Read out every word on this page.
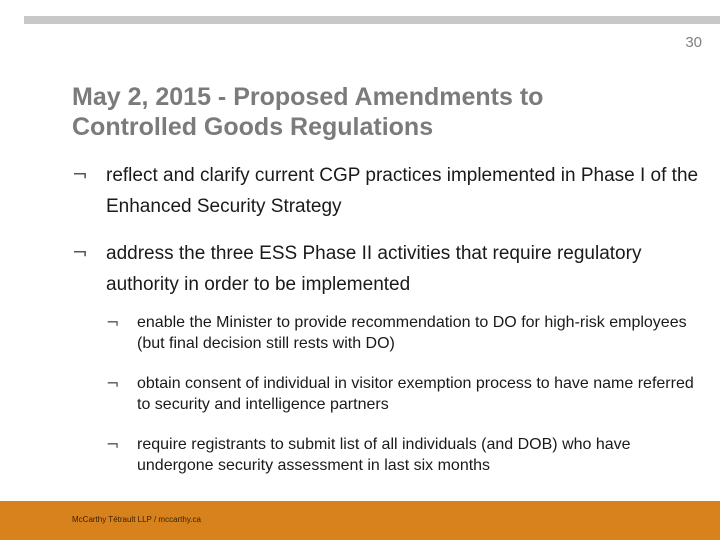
30
May 2, 2015 - Proposed Amendments to Controlled Goods Regulations
¬ reflect and clarify current CGP practices implemented in Phase I of the Enhanced Security Strategy
¬ address the three ESS Phase II activities that require regulatory authority in order to be implemented
¬ enable the Minister to provide recommendation to DO for high-risk employees (but final decision still rests with DO)
¬ obtain consent of individual in visitor exemption process to have name referred to security and intelligence partners
¬ require registrants to submit list of all individuals (and DOB) who have undergone security assessment in last six months
McCarthy Tétrault LLP / mccarthy.ca
